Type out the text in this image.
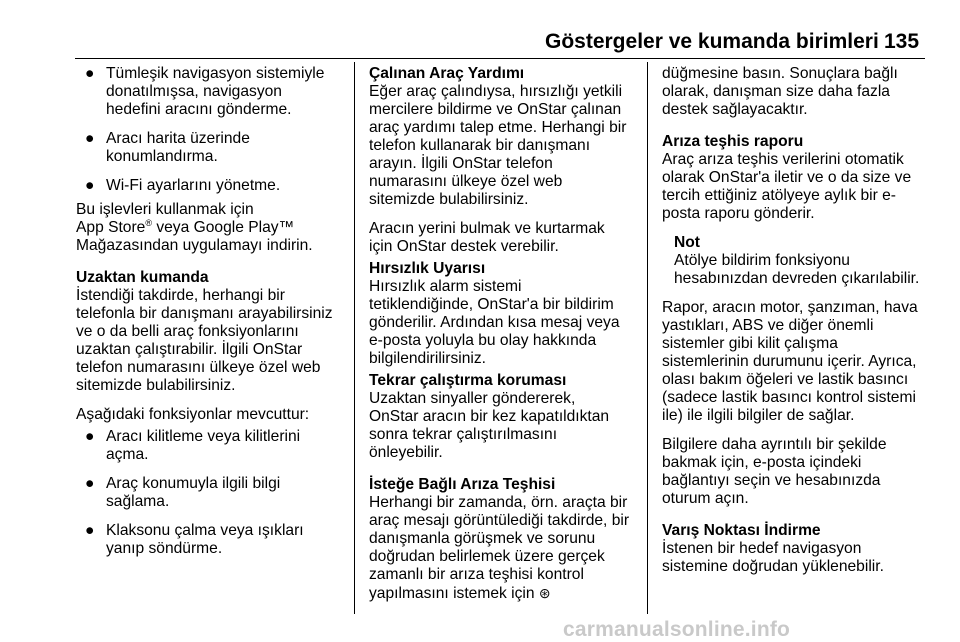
Göstergeler ve kumanda birimleri 135
● Tümleşik navigasyon sistemiyle
donatılmışsa, navigasyon
hedefini aracını gönderme.
● Aracı harita üzerinde
konumlandırma.
● Wi-Fi ayarlarını yönetme.
Bu işlevleri kullanmak için
App Store® veya Google Play™
Mağazasından uygulamayı indirin.
Uzaktan kumanda
İstendiği takdirde, herhangi bir
telefonla bir danışmanı arayabilirsiniz
ve o da belli araç fonksiyonlarını
uzaktan çalıştırabilir. İlgili OnStar
telefon numarasını ülkeye özel web
sitemizde bulabilirsiniz.
Aşağıdaki fonksiyonlar mevcuttur:
● Aracı kilitleme veya kilitlerini
açma.
● Araç konumuyla ilgili bilgi
sağlama.
● Klaksonu çalma veya ışıkları
yanıp söndürme.
Çalınan Araç Yardımı
Eğer araç çalındıysa, hırsızlığı yetkili
mercilere bildirme ve OnStar çalınan
araç yardımı talep etme. Herhangi bir
telefon kullanarak bir danışmanı
arayın. İlgili OnStar telefon
numarasını ülkeye özel web
sitemizde bulabilirsiniz.
Aracın yerini bulmak ve kurtarmak
için OnStar destek verebilir.
Hırsızlık Uyarısı
Hırsızlık alarm sistemi
tetiklendiğinde, OnStar'a bir bildirim
gönderilir. Ardından kısa mesaj veya
e-posta yoluyla bu olay hakkında
bilgilendirilirsiniz.
Tekrar çalıştırma koruması
Uzaktan sinyaller göndererek,
OnStar aracın bir kez kapatıldıktan
sonra tekrar çalıştırılmasını
önleyebilir.
İsteğe Bağlı Arıza Teşhisi
Herhangi bir zamanda, örn. araçta bir
araç mesajı görüntülediği takdirde, bir
danışmanla görüşmek ve sorunu
doğrudan belirlemek üzere gerçek
zamanlı bir arıza teşhisi kontrol
yapılmasını istemek için ⊛
düğmesine basın. Sonuçlara bağlı
olarak, danışman size daha fazla
destek sağlayacaktır.
Arıza teşhis raporu
Araç arıza teşhis verilerini otomatik
olarak OnStar'a iletir ve o da size ve
tercih ettiğiniz atölyeye aylık bir e-
posta raporu gönderir.
Not
Atölye bildirim fonksiyonu
hesabınızdan devreden çıkarılabilir.
Rapor, aracın motor, şanzıman, hava
yastıkları, ABS ve diğer önemli
sistemler gibi kilit çalışma
sistemlerinin durumunu içerir. Ayrıca,
olası bakım öğeleri ve lastik basıncı
(sadece lastik basıncı kontrol sistemi
ile) ile ilgili bilgiler de sağlar.
Bilgilere daha ayrıntılı bir şekilde
bakmak için, e-posta içindeki
bağlantıyı seçin ve hesabınızda
oturum açın.
Varış Noktası İndirme
İstenen bir hedef navigasyon
sistemine doğrudan yüklenebilir.
carmanualsonline.info
